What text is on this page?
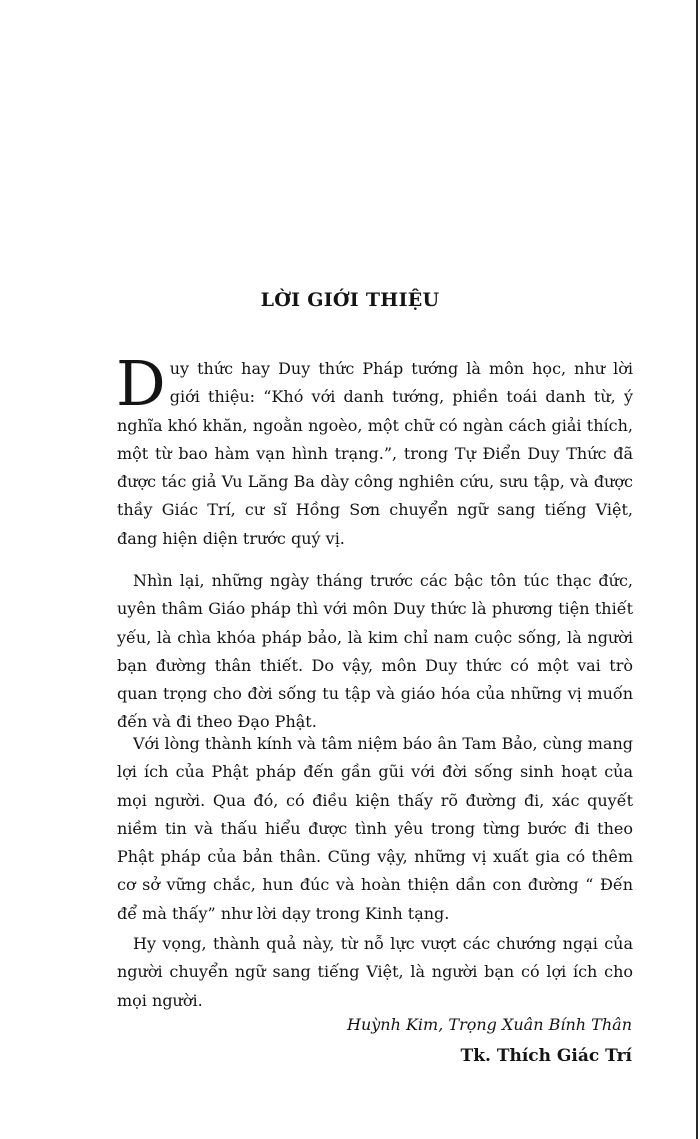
LỜI GIỚI THIỆU

Duy thức hay Duy thức Pháp tướng là môn học, như lời giới thiệu: “Khó với danh tướng, phiền toái danh từ, ý nghĩa khó khăn, ngoằn ngoèo, một chữ có ngàn cách giải thích, một từ bao hàm vạn hình trạng.”, trong Tự Điển Duy Thức đã được tác giả Vu Lăng Ba dày công nghiên cứu, sưu tập, và được thầy Giác Trí, cư sĩ Hồng Sơn chuyển ngữ sang tiếng Việt, đang hiện diện trước quý vị.

Nhìn lại, những ngày tháng trước các bậc tôn túc thạc đức, uyên thâm Giáo pháp thì với môn Duy thức là phương tiện thiết yếu, là chìa khóa pháp bảo, là kim chỉ nam cuộc sống, là người bạn đường thân thiết. Do vậy, môn Duy thức có một vai trò quan trọng cho đời sống tu tập và giáo hóa của những vị muốn đến và đi theo Đạo Phật.

Với lòng thành kính và tâm niệm báo ân Tam Bảo, cùng mang lợi ích của Phật pháp đến gần gũi với đời sống sinh hoạt của mọi người. Qua đó, có điều kiện thấy rõ đường đi, xác quyết niềm tin và thấu hiểu được tình yêu trong từng bước đi theo Phật pháp của bản thân. Cũng vậy, những vị xuất gia có thêm cơ sở vững chắc, hun đúc và hoàn thiện dần con đường “ Đến để mà thấy” như lời dạy trong Kinh tạng.

Hy vọng, thành quả này, từ nỗ lực vượt các chướng ngại của người chuyển ngữ sang tiếng Việt, là người bạn có lợi ích cho mọi người.

Huỳnh Kim, Trọng Xuân Bính Thân

Tk. Thích Giác Trí
